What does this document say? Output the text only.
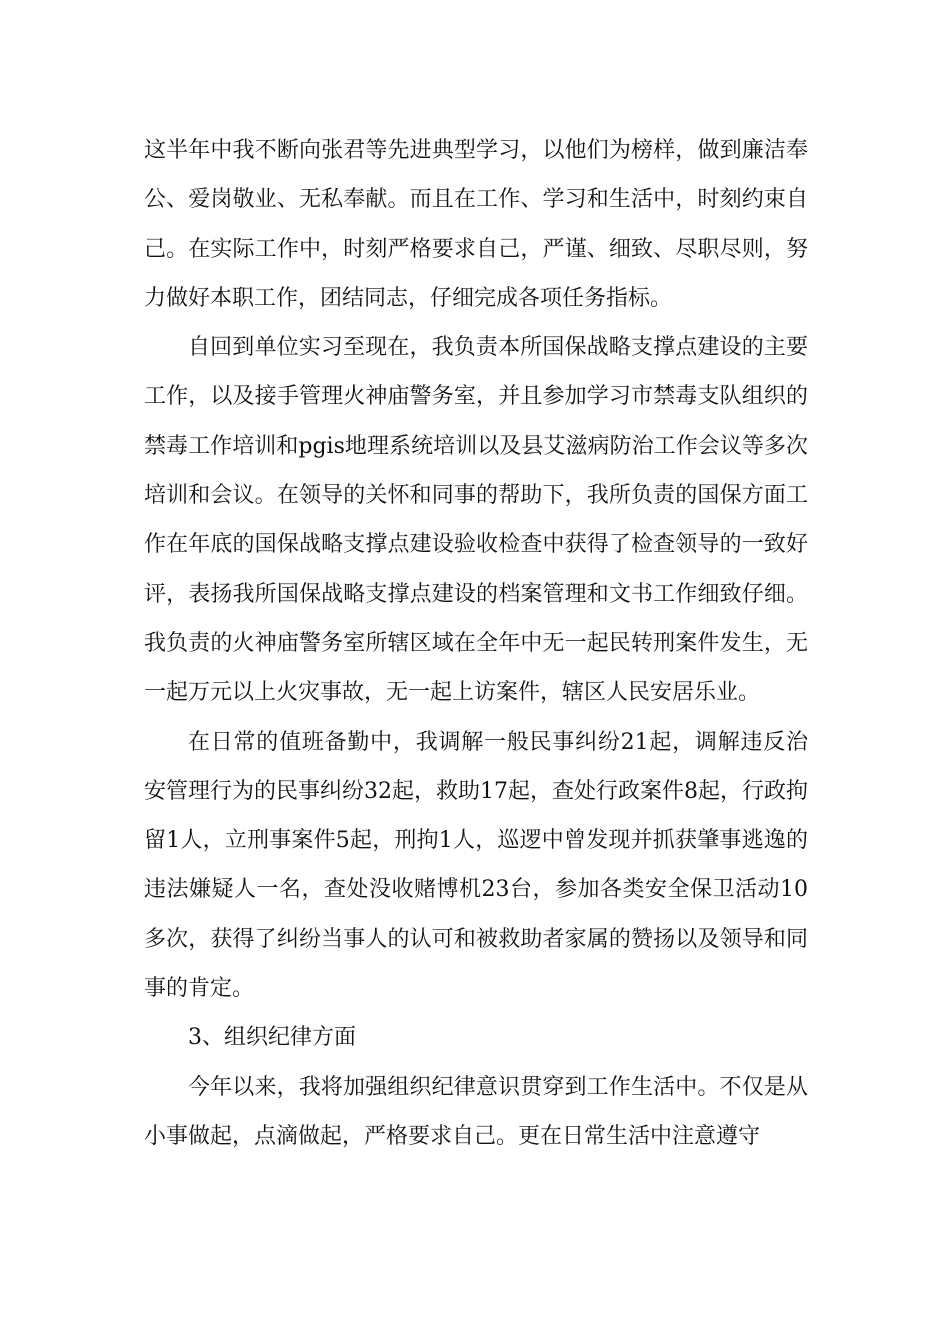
这半年中我不断向张君等先进典型学习，以他们为榜样，做到廉洁奉公、爱岗敬业、无私奉献。而且在工作、学习和生活中，时刻约束自己。在实际工作中，时刻严格要求自己，严谨、细致、尽职尽则，努力做好本职工作，团结同志，仔细完成各项任务指标。

自回到单位实习至现在，我负责本所国保战略支撑点建设的主要工作，以及接手管理火神庙警务室，并且参加学习市禁毒支队组织的禁毒工作培训和pgis地理系统培训以及县艾滋病防治工作会议等多次培训和会议。在领导的关怀和同事的帮助下，我所负责的国保方面工作在年底的国保战略支撑点建设验收检查中获得了检查领导的一致好评，表扬我所国保战略支撑点建设的档案管理和文书工作细致仔细。我负责的火神庙警务室所辖区域在全年中无一起民转刑案件发生，无一起万元以上火灾事故，无一起上访案件，辖区人民安居乐业。

在日常的值班备勤中，我调解一般民事纠纷21起，调解违反治安管理行为的民事纠纷32起，救助17起，查处行政案件8起，行政拘留1人，立刑事案件5起，刑拘1人，巡逻中曾发现并抓获肇事逃逸的违法嫌疑人一名，查处没收赌博机23台，参加各类安全保卫活动10多次，获得了纠纷当事人的认可和被救助者家属的赞扬以及领导和同事的肯定。

3、组织纪律方面

今年以来，我将加强组织纪律意识贯穿到工作生活中。不仅是从小事做起，点滴做起，严格要求自己。更在日常生活中注意遵守
